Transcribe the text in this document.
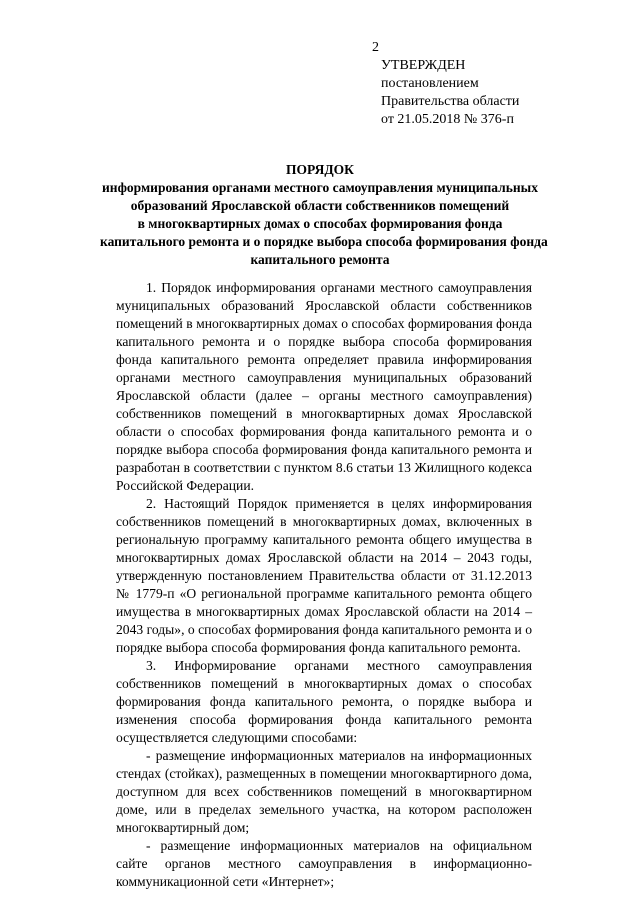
2
УТВЕРЖДЕН
постановлением
Правительства области
от 21.05.2018 № 376-п
ПОРЯДОК
информирования органами местного самоуправления муниципальных
образований Ярославской области собственников помещений
в многоквартирных домах о способах формирования фонда
капитального ремонта и о порядке выбора способа формирования фонда
капитального ремонта

1. Порядок информирования органами местного самоуправления муниципальных образований Ярославской области собственников помещений в многоквартирных домах о способах формирования фонда капитального ремонта и о порядке выбора способа формирования фонда капитального ремонта определяет правила информирования органами местного самоуправления муниципальных образований Ярославской области (далее – органы местного самоуправления) собственников помещений в многоквартирных домах Ярославской области о способах формирования фонда капитального ремонта и о порядке выбора способа формирования фонда капитального ремонта и разработан в соответствии с пунктом 8.6 статьи 13 Жилищного кодекса Российской Федерации.

2. Настоящий Порядок применяется в целях информирования собственников помещений в многоквартирных домах, включенных в региональную программу капитального ремонта общего имущества в многоквартирных домах Ярославской области на 2014 – 2043 годы, утвержденную постановлением Правительства области от 31.12.2013 № 1779-п «О региональной программе капитального ремонта общего имущества в многоквартирных домах Ярославской области на 2014 – 2043 годы», о способах формирования фонда капитального ремонта и о порядке выбора способа формирования фонда капитального ремонта.

3. Информирование органами местного самоуправления собственников помещений в многоквартирных домах о способах формирования фонда капитального ремонта, о порядке выбора и изменения способа формирования фонда капитального ремонта осуществляется следующими способами:

- размещение информационных материалов на информационных стендах (стойках), размещенных в помещении многоквартирного дома, доступном для всех собственников помещений в многоквартирном доме, или в пределах земельного участка, на котором расположен многоквартирный дом;

- размещение информационных материалов на официальном сайте органов местного самоуправления в информационно-коммуникационной сети «Интернет»;
